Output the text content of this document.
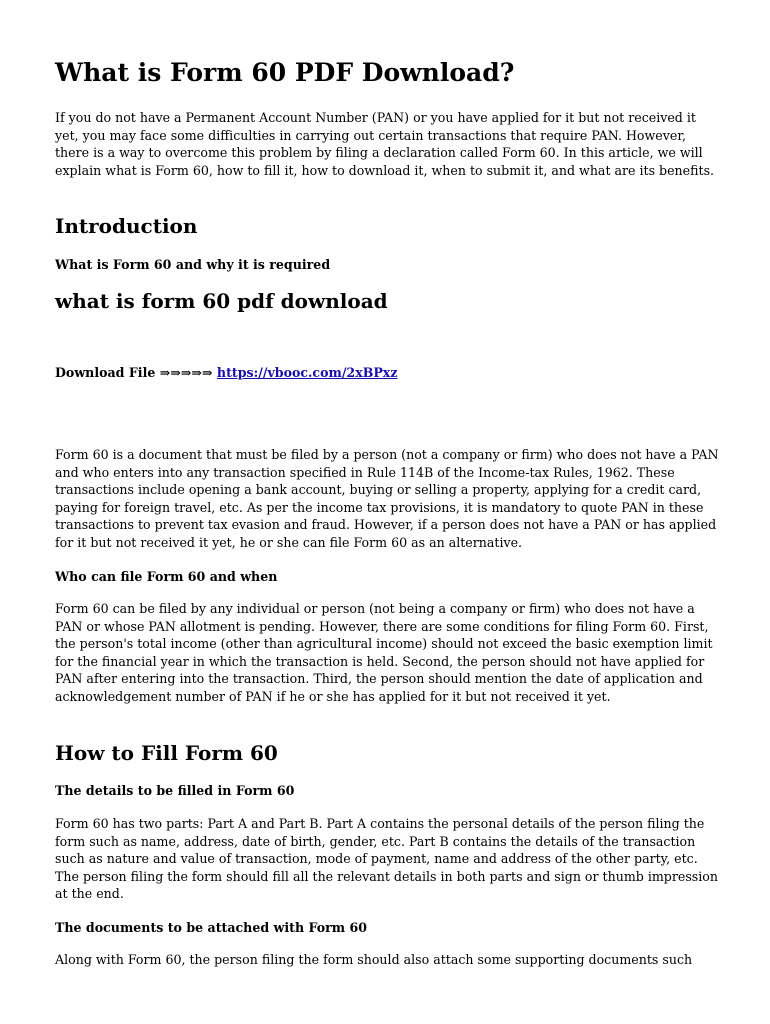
What is Form 60 PDF Download?

If you do not have a Permanent Account Number (PAN) or you have applied for it but not received it yet, you may face some difficulties in carrying out certain transactions that require PAN. However, there is a way to overcome this problem by filing a declaration called Form 60. In this article, we will explain what is Form 60, how to fill it, how to download it, when to submit it, and what are its benefits.

Introduction
What is Form 60 and why it is required
what is form 60 pdf download
Download File ⇒⇒⇒⇒⇒ https://vbooc.com/2xBPxz

Form 60 is a document that must be filed by a person (not a company or firm) who does not have a PAN and who enters into any transaction specified in Rule 114B of the Income-tax Rules, 1962. These transactions include opening a bank account, buying or selling a property, applying for a credit card, paying for foreign travel, etc. As per the income tax provisions, it is mandatory to quote PAN in these transactions to prevent tax evasion and fraud. However, if a person does not have a PAN or has applied for it but not received it yet, he or she can file Form 60 as an alternative.

Who can file Form 60 and when

Form 60 can be filed by any individual or person (not being a company or firm) who does not have a PAN or whose PAN allotment is pending. However, there are some conditions for filing Form 60. First, the person's total income (other than agricultural income) should not exceed the basic exemption limit for the financial year in which the transaction is held. Second, the person should not have applied for PAN after entering into the transaction. Third, the person should mention the date of application and acknowledgement number of PAN if he or she has applied for it but not received it yet.

How to Fill Form 60
The details to be filled in Form 60

Form 60 has two parts: Part A and Part B. Part A contains the personal details of the person filing the form such as name, address, date of birth, gender, etc. Part B contains the details of the transaction such as nature and value of transaction, mode of payment, name and address of the other party, etc. The person filing the form should fill all the relevant details in both parts and sign or thumb impression at the end.

The documents to be attached with Form 60

Along with Form 60, the person filing the form should also attach some supporting documents such
